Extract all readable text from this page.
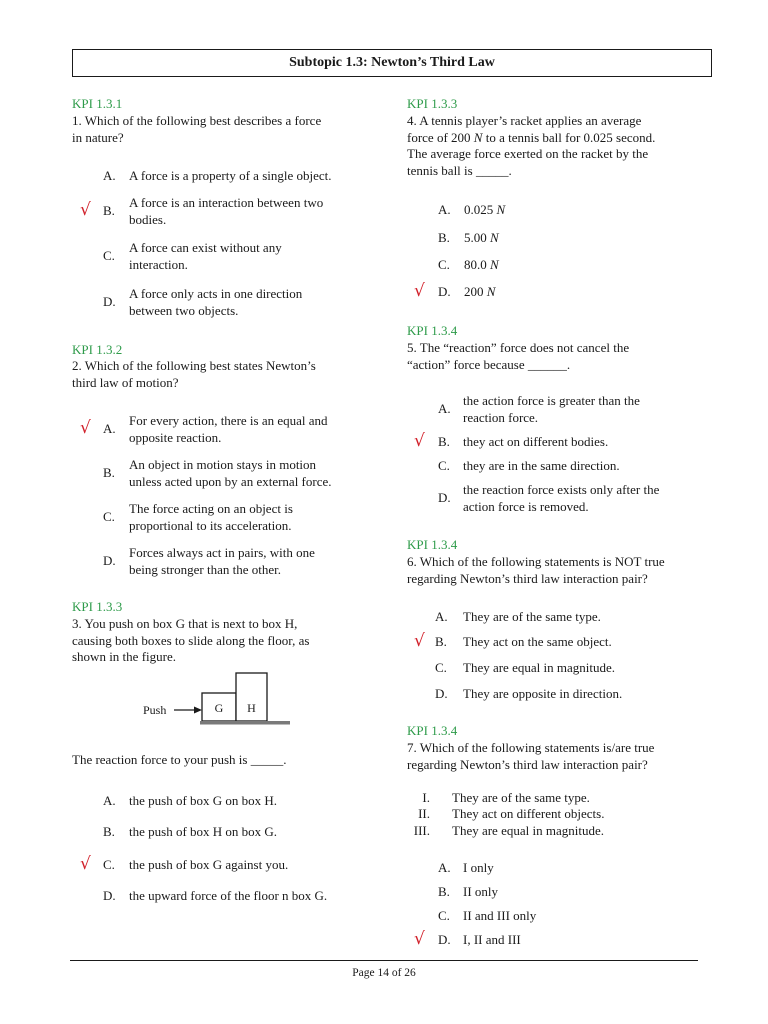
Subtopic 1.3: Newton’s Third Law
KPI 1.3.1
1. Which of the following best describes a force
in nature?
A.	A force is a property of a single object.
√ B.
A force is an interaction between two
bodies.
C.
A force can exist without any
interaction.
D.
A force only acts in one direction
between two objects.
KPI 1.3.2
2. Which of the following best states Newton’s
third law of motion?
√ A.
For every action, there is an equal and
opposite reaction.
B.
An object in motion stays in motion
unless acted upon by an external force.
C.
The force acting on an object is
proportional to its acceleration.
D.
Forces always act in pairs, with one
being stronger than the other.
KPI 1.3.3
3. You push on box G that is next to box H,
causing both boxes to slide along the floor, as
shown in the figure.
Push	G H
The reaction force to your push is _____.
A.	the push of box G on box H.
B.	the push of box H on box G.
√ C.	the push of box G against you.
D.	the upward force of the floor n box G.
KPI 1.3.3
4. A tennis player’s racket applies an average
force of 200 N to a tennis ball for 0.025 second.
The average force exerted on the racket by the
tennis ball is _____.
A.	0.025 N
B.	5.00 N
C.	80.0 N
√ D.	200 N
KPI 1.3.4
5. The “reaction” force does not cancel the
“action” force because ______.
A.
the action force is greater than the
reaction force.
√ B.	they act on different bodies.
C.	they are in the same direction.
D.
the reaction force exists only after the
action force is removed.
KPI 1.3.4
6. Which of the following statements is NOT true
regarding Newton’s third law interaction pair?
A.	They are of the same type.
√ B.	They act on the same object.
C.	They are equal in magnitude.
D.	They are opposite in direction.
KPI 1.3.4
7. Which of the following statements is/are true
regarding Newton’s third law interaction pair?
I. They are of the same type.
II. They act on different objects.
III. They are equal in magnitude.
A. I only
B.	II only
C.	II and III only
√ D. I, II and III
Page 14 of 26
